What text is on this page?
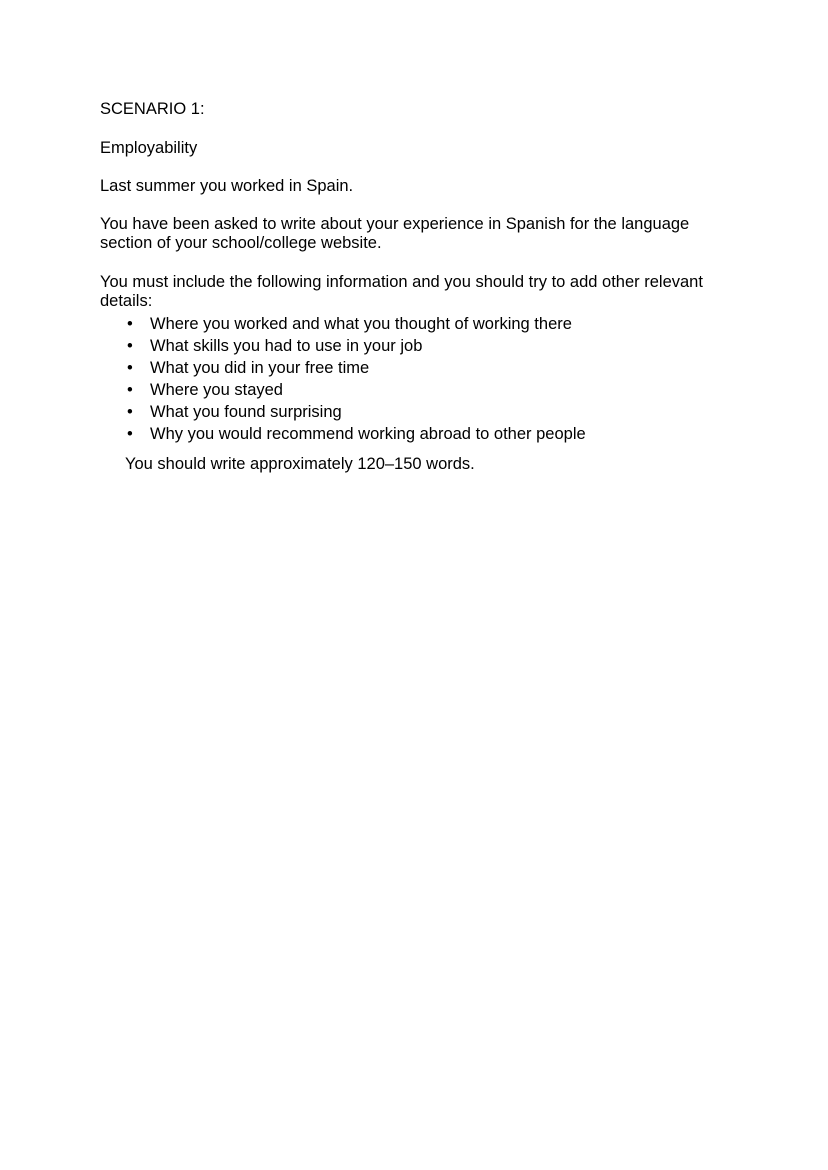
SCENARIO 1:

Employability

Last summer you worked in Spain.

You have been asked to write about your experience in Spanish for the language

section of your school/college website.

You must include the following information and you should try to add other relevant

details:

• Where you worked and what you thought of working there
• What skills you had to use in your job
• What you did in your free time
• Where you stayed
• What you found surprising
• Why you would recommend working abroad to other people

You should write approximately 120–150 words.
